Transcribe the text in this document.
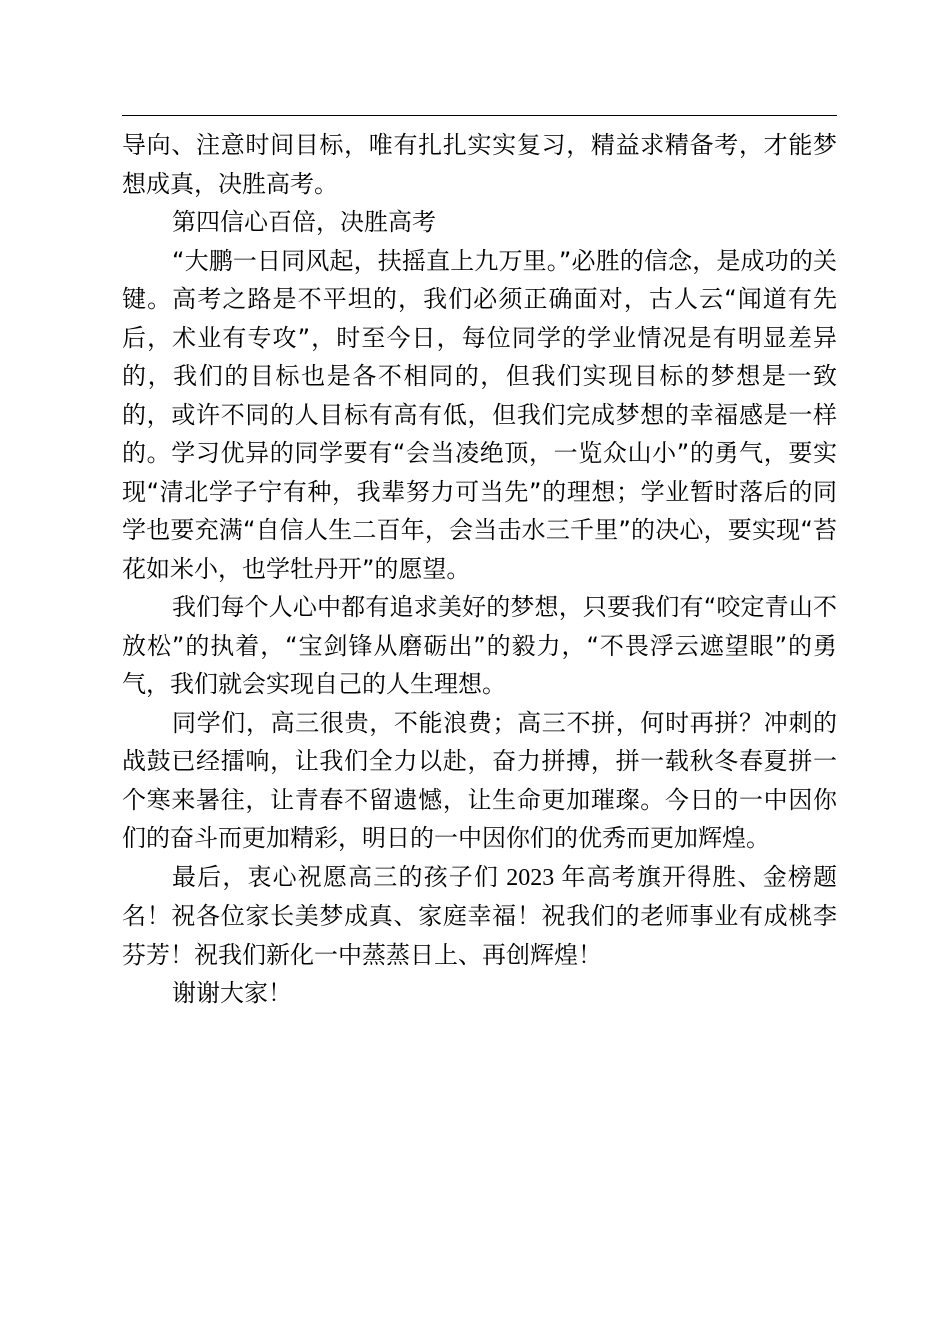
导向、注意时间目标，唯有扎扎实实复习，精益求精备考，才能梦想成真，决胜高考。

第四信心百倍，决胜高考

“大鹏一日同风起，扶摇直上九万里。”必胜的信念，是成功的关键。高考之路是不平坦的，我们必须正确面对，古人云“闻道有先后，术业有专攻”，时至今日，每位同学的学业情况是有明显差异的，我们的目标也是各不相同的，但我们实现目标的梦想是一致的，或许不同的人目标有高有低，但我们完成梦想的幸福感是一样的。学习优异的同学要有“会当凌绝顶，一览众山小”的勇气，要实现“清北学子宁有种，我辈努力可当先”的理想；学业暂时落后的同学也要充满“自信人生二百年，会当击水三千里”的决心，要实现“苔花如米小，也学牡丹开”的愿望。

我们每个人心中都有追求美好的梦想，只要我们有“咬定青山不放松”的执着，“宝剑锋从磨砺出”的毅力，“不畏浮云遮望眼”的勇气，我们就会实现自己的人生理想。

同学们，高三很贵，不能浪费；高三不拼，何时再拼？冲刺的战鼓已经擂响，让我们全力以赴，奋力拼搏，拼一载秋冬春夏拼一个寒来暑往，让青春不留遗憾，让生命更加璀璨。今日的一中因你们的奋斗而更加精彩，明日的一中因你们的优秀而更加辉煌。

最后，衷心祝愿高三的孩子们 2023 年高考旗开得胜、金榜题名！祝各位家长美梦成真、家庭幸福！祝我们的老师事业有成桃李芬芳！祝我们新化一中蒸蒸日上、再创辉煌！

谢谢大家！
